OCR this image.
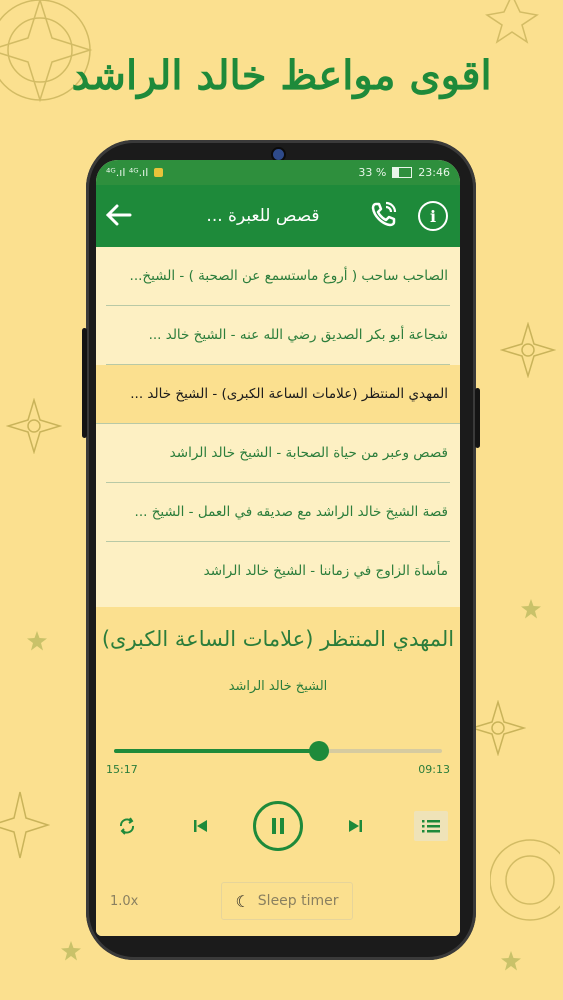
اقوى مواعظ خالد الراشد
⁴ᴳ.ıl ⁴ᴳ.ıl	33 %	23:46
قصص للعبرة ...	i
الصاحب ساحب ( أروع ماستسمع عن الصحبة ) - الشيخ...
شجاعة أبو بكر الصديق رضي الله عنه - الشيخ خالد ...
المهدي المنتظر (علامات الساعة الكبرى) - الشيخ خالد ...
قصص وعبر من حياة الصحابة - الشيخ خالد الراشد
قصة الشيخ خالد الراشد مع صديقه في العمل - الشيخ ...
مأساة الزاوج في زماننا - الشيخ خالد الراشد
المهدي المنتظر (علامات الساعة الكبرى)
الشيخ خالد الراشد
15:17	09:13
1.0x	☾ Sleep timer
